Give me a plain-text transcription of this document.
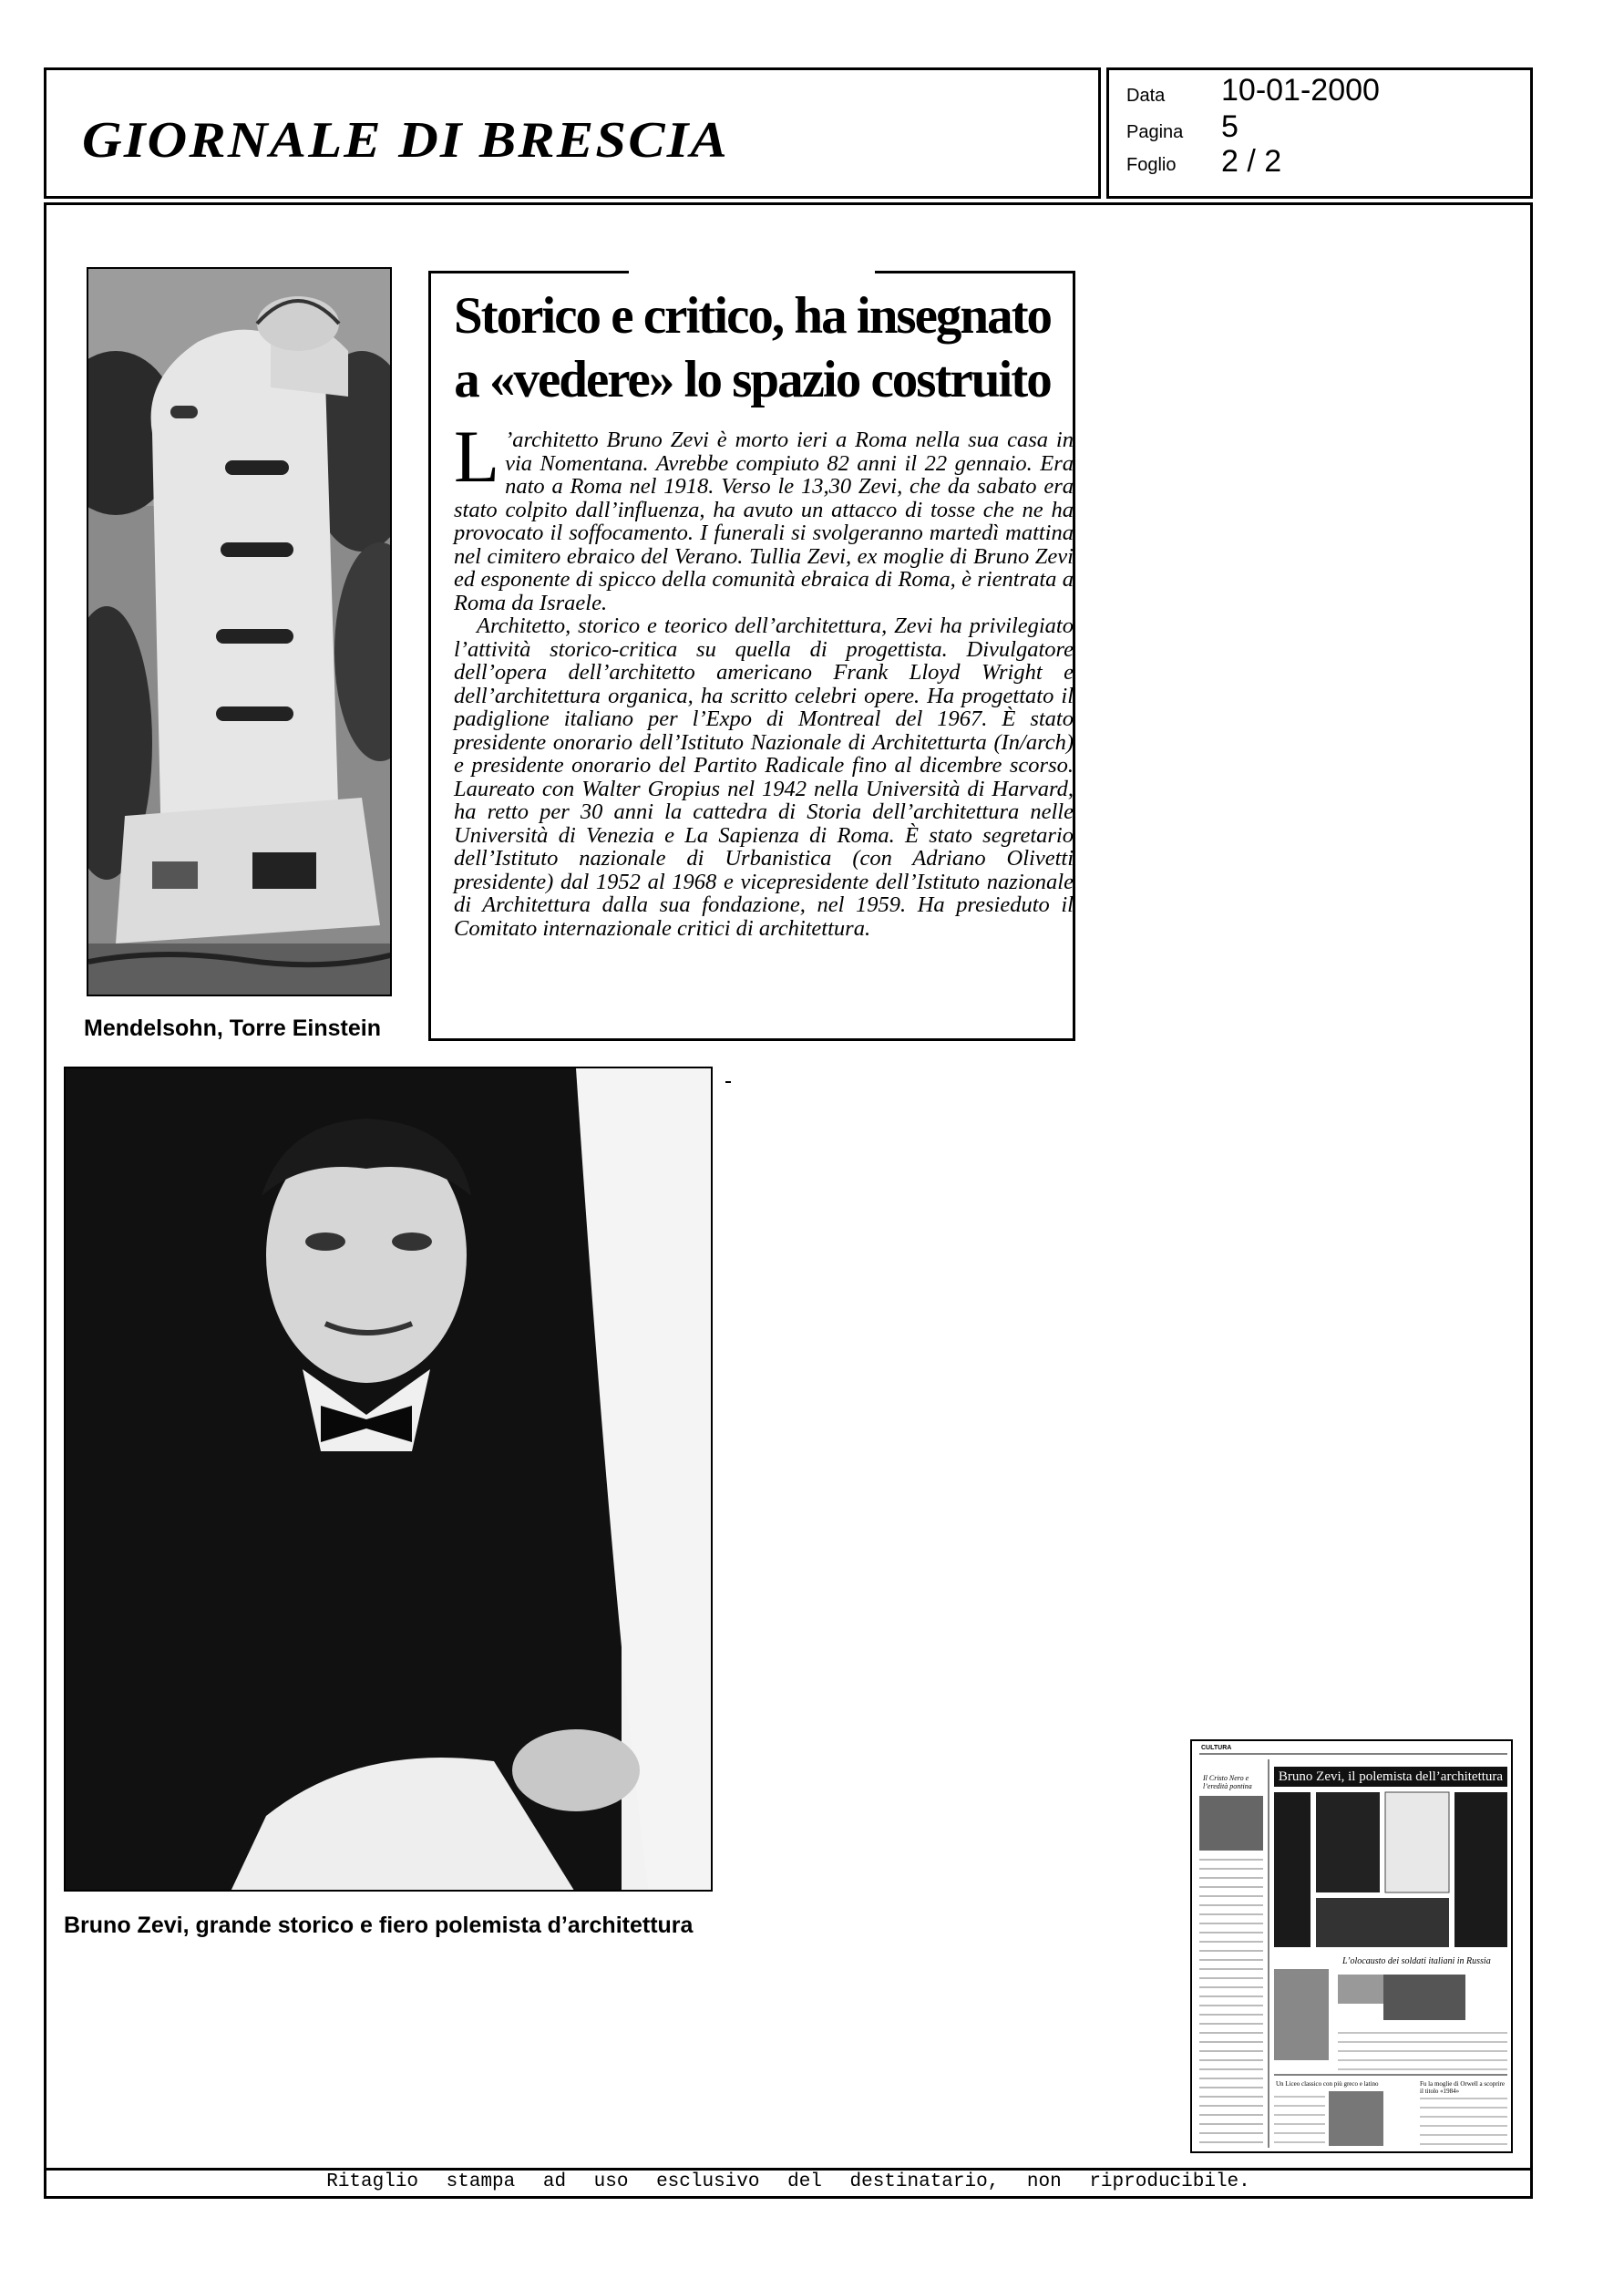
GIORNALE DI BRESCIA
Data 10-01-2000
Pagina 5
Foglio 2 / 2
Mendelsohn, Torre Einstein
Storico e critico, ha insegnato
a «vedere» lo spazio costruito

L ’architetto Bruno Zevi è morto ieri a Roma nella sua casa in via Nomentana. Avrebbe compiuto 82 anni il 22 gennaio. Era nato a Roma nel 1918. Verso le 13,30 Zevi, che da sabato era stato colpito dall’influenza, ha avuto un attacco di tosse che ne ha provocato il soffocamento. I funerali si svolgeranno martedì mattina nel cimitero ebraico del Verano. Tullia Zevi, ex moglie di Bruno Zevi ed esponente di spicco della comunità ebraica di Roma, è rientrata a Roma da Israele.

Architetto, storico e teorico dell’architettura, Zevi ha privilegiato l’attività storico-critica su quella di progettista. Divulgatore dell’opera dell’architetto americano Frank Lloyd Wright e dell’architettura organica, ha scritto celebri opere. Ha progettato il padiglione italiano per l’Expo di Montreal del 1967. È stato presidente onorario dell’Istituto Nazionale di Architetturta (In/arch) e presidente onorario del Partito Radicale fino al dicembre scorso. Laureato con Walter Gropius nel 1942 nella Università di Harvard, ha retto per 30 anni la cattedra di Storia dell’architettura nelle Università di Venezia e La Sapienza di Roma. È stato segretario dell’Istituto nazionale di Urbanistica (con Adriano Olivetti presidente) dal 1952 al 1968 e vicepresidente dell’Istituto nazionale di Architettura dalla sua fondazione, nel 1959. Ha presieduto il Comitato internazionale critici di architettura.

Bruno Zevi, grande storico e fiero polemista d’architettura
CULTURA
Bruno Zevi, il polemista dell’architettura
Il Cristo Nero e l’eredità pontina
L’olocausto dei soldati italiani in Russia
Un Liceo classico con più greco e latino	Fu la moglie di Orwell a scoprire il titolo «1984»
Ritaglio stampa ad uso esclusivo del destinatario, non riproducibile.
